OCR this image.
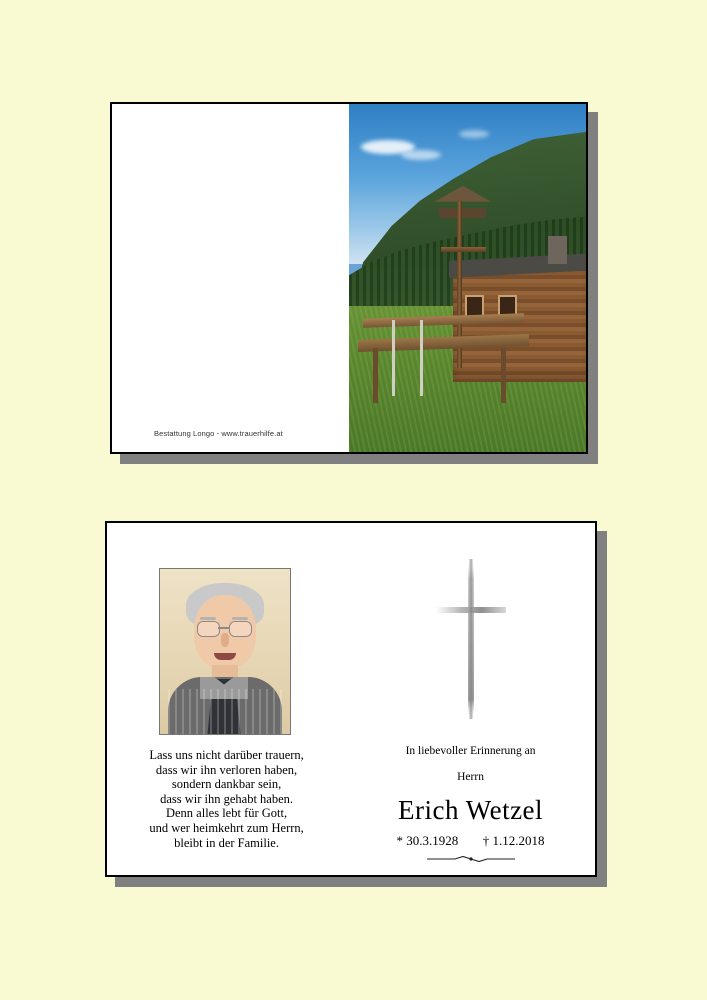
Bestattung Longo - www.trauerhilfe.at
Lass uns nicht darüber trauern,
dass wir ihn verloren haben,
sondern dankbar sein,
dass wir ihn gehabt haben.
Denn alles lebt für Gott,
und wer heimkehrt zum Herrn,
bleibt in der Familie.
In liebevoller Erinnerung an
Herrn
Erich Wetzel
* 30.3.1928 † 1.12.2018
